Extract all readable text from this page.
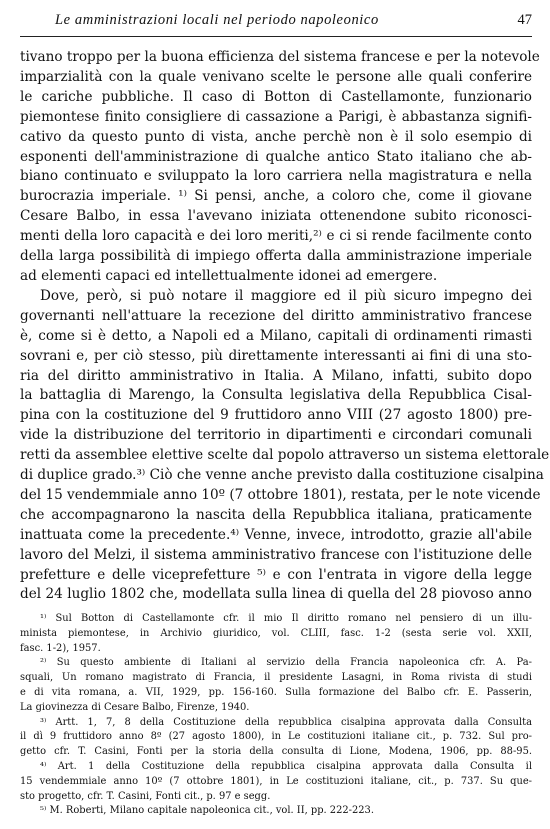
Le amministrazioni locali nel periodo napoleonico	47
tivano troppo per la buona efficienza del sistema francese e per la notevole
imparzialità con la quale venivano scelte le persone alle quali conferire
le cariche pubbliche. Il caso di Botton di Castellamonte, funzionario
piemontese finito consigliere di cassazione a Parigi, è abbastanza signifi-
cativo da questo punto di vista, anche perchè non è il solo esempio di
esponenti dell'amministrazione di qualche antico Stato italiano che ab-
biano continuato e sviluppato la loro carriera nella magistratura e nella
burocrazia imperiale. ¹⁾ Si pensi, anche, a coloro che, come il giovane
Cesare Balbo, in essa l'avevano iniziata ottenendone subito riconosci-
menti della loro capacità e dei loro meriti,²⁾ e ci si rende facilmente conto
della larga possibilità di impiego offerta dalla amministrazione imperiale
ad elementi capaci ed intellettualmente idonei ad emergere.
Dove, però, si può notare il maggiore ed il più sicuro impegno dei
governanti nell'attuare la recezione del diritto amministrativo francese
è, come si è detto, a Napoli ed a Milano, capitali di ordinamenti rimasti
sovrani e, per ciò stesso, più direttamente interessanti ai fini di una sto-
ria del diritto amministrativo in Italia. A Milano, infatti, subito dopo
la battaglia di Marengo, la Consulta legislativa della Repubblica Cisal-
pina con la costituzione del 9 fruttidoro anno VIII (27 agosto 1800) pre-
vide la distribuzione del territorio in dipartimenti e circondari comunali
retti da assemblee elettive scelte dal popolo attraverso un sistema elettorale
di duplice grado.³⁾ Ciò che venne anche previsto dalla costituzione cisalpina
del 15 vendemmiale anno 10º (7 ottobre 1801), restata, per le note vicende
che accompagnarono la nascita della Repubblica italiana, praticamente
inattuata come la precedente.⁴⁾ Venne, invece, introdotto, grazie all'abile
lavoro del Melzi, il sistema amministrativo francese con l'istituzione delle
prefetture e delle viceprefetture ⁵⁾ e con l'entrata in vigore della legge
del 24 luglio 1802 che, modellata sulla linea di quella del 28 piovoso anno
¹⁾ Sul Botton di Castellamonte cfr. il mio Il diritto romano nel pensiero di un illu-
minista piemontese, in Archivio giuridico, vol. CLIII, fasc. 1-2 (sesta serie vol. XXII,
fasc. 1-2), 1957.
²⁾ Su questo ambiente di Italiani al servizio della Francia napoleonica cfr. A. Pa-
squali, Un romano magistrato di Francia, il presidente Lasagni, in Roma rivista di studi
e di vita romana, a. VII, 1929, pp. 156-160. Sulla formazione del Balbo cfr. E. Passerin,
La giovinezza di Cesare Balbo, Firenze, 1940.
³⁾ Artt. 1, 7, 8 della Costituzione della repubblica cisalpina approvata dalla Consulta
il dì 9 fruttidoro anno 8º (27 agosto 1800), in Le costituzioni italiane cit., p. 732. Sul pro-
getto cfr. T. Casini, Fonti per la storia della consulta di Lione, Modena, 1906, pp. 88-95.
⁴⁾ Art. 1 della Costituzione della repubblica cisalpina approvata dalla Consulta il
15 vendemmiale anno 10º (7 ottobre 1801), in Le costituzioni italiane, cit., p. 737. Su que-
sto progetto, cfr. T. Casini, Fonti cit., p. 97 e segg.
⁵⁾ M. Roberti, Milano capitale napoleonica cit., vol. II, pp. 222-223.
